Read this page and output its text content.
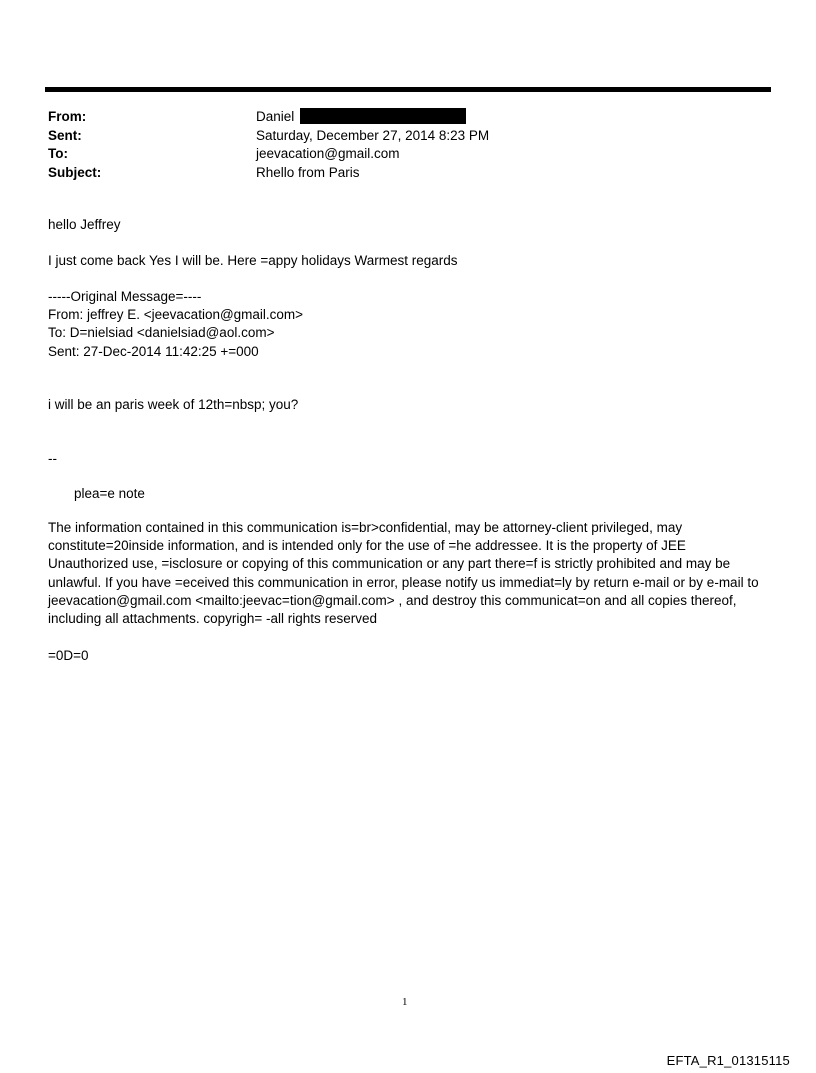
From:	Daniel
Sent:	Saturday, December 27, 2014 8:23 PM
To:	jeevacation@gmail.com
Subject:	Rhello from Paris

hello Jeffrey

I just come back Yes I will be. Here =appy holidays Warmest regards

-----Original Message=----
From: jeffrey E. <jeevacation@gmail.com>
To: D=nielsiad <danielsiad@aol.com>
Sent: 27-Dec-2014 11:42:25 +=000

i will be an paris week of 12th=nbsp; you?

--

plea=e note

The information contained in this communication is=br>confidential, may be attorney-client privileged, may
constitute=20inside information, and is intended only for the use of =he addressee. It is the property of JEE
Unauthorized use, =isclosure or copying of this communication or any part there=f is strictly prohibited and may be
unlawful. If you have =eceived this communication in error, please notify us immediat=ly by return e-mail or by e-mail to
jeevacation@gmail.com <mailto:jeevac=tion@gmail.com> , and destroy this communicat=on and all copies thereof,
including all attachments. copyrigh= -all rights reserved

=0D=0

1
EFTA_R1_01315115
